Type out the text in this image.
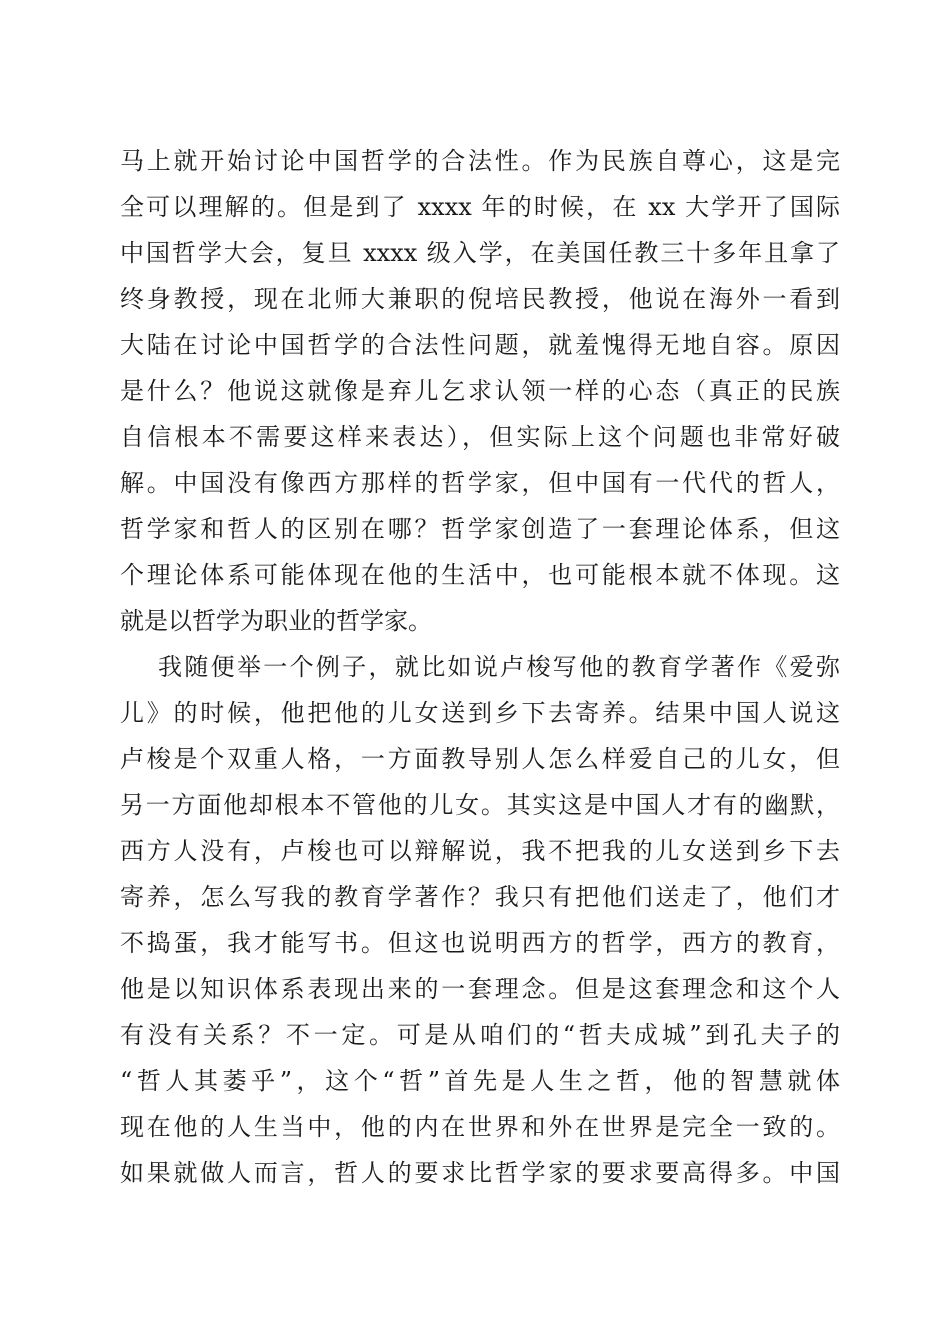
马上就开始讨论中国哲学的合法性。作为民族自尊心，这是完
全可以理解的。但是到了 xxxx 年的时候，在 xx 大学开了国际
中国哲学大会，复旦 xxxx 级入学，在美国任教三十多年且拿了
终身教授，现在北师大兼职的倪培民教授，他说在海外一看到
大陆在讨论中国哲学的合法性问题，就羞愧得无地自容。原因
是什么？他说这就像是弃儿乞求认领一样的心态（真正的民族
自信根本不需要这样来表达），但实际上这个问题也非常好破
解。中国没有像西方那样的哲学家，但中国有一代代的哲人，
哲学家和哲人的区别在哪？哲学家创造了一套理论体系，但这
个理论体系可能体现在他的生活中，也可能根本就不体现。这
就是以哲学为职业的哲学家。
我随便举一个例子，就比如说卢梭写他的教育学著作《爱弥
儿》的时候，他把他的儿女送到乡下去寄养。结果中国人说这
卢梭是个双重人格，一方面教导别人怎么样爱自己的儿女，但
另一方面他却根本不管他的儿女。其实这是中国人才有的幽默，
西方人没有，卢梭也可以辩解说，我不把我的儿女送到乡下去
寄养，怎么写我的教育学著作？我只有把他们送走了，他们才
不捣蛋，我才能写书。但这也说明西方的哲学，西方的教育，
他是以知识体系表现出来的一套理念。但是这套理念和这个人
有没有关系？不一定。可是从咱们的“哲夫成城”到孔夫子的
“哲人其萎乎”，这个“哲”首先是人生之哲，他的智慧就体
现在他的人生当中，他的内在世界和外在世界是完全一致的。
如果就做人而言，哲人的要求比哲学家的要求要高得多。中国
